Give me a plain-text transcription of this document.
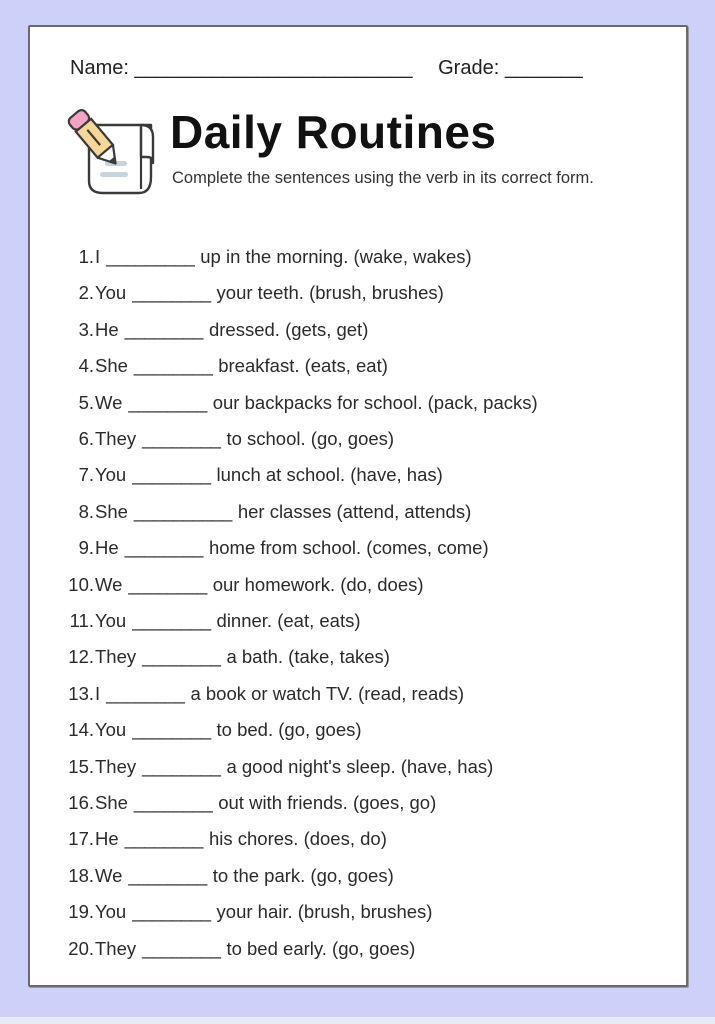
Name: _________________________ Grade: _______
Daily Routines
Complete the sentences using the verb in its correct form.
1.I _________ up in the morning. (wake, wakes)
2.You ________ your teeth. (brush, brushes)
3.He ________ dressed. (gets, get)
4.She ________ breakfast. (eats, eat)
5.We ________ our backpacks for school. (pack, packs)
6.They ________ to school. (go, goes)
7.You ________ lunch at school. (have, has)
8.She __________ her classes (attend, attends)
9.He ________ home from school. (comes, come)
10.We ________ our homework. (do, does)
11.You ________ dinner. (eat, eats)
12.They ________ a bath. (take, takes)
13.I ________ a book or watch TV. (read, reads)
14.You ________ to bed. (go, goes)
15.They ________ a good night's sleep. (have, has)
16.She ________ out with friends. (goes, go)
17.He ________ his chores. (does, do)
18.We ________ to the park. (go, goes)
19.You ________ your hair. (brush, brushes)
20.They ________ to bed early. (go, goes)
